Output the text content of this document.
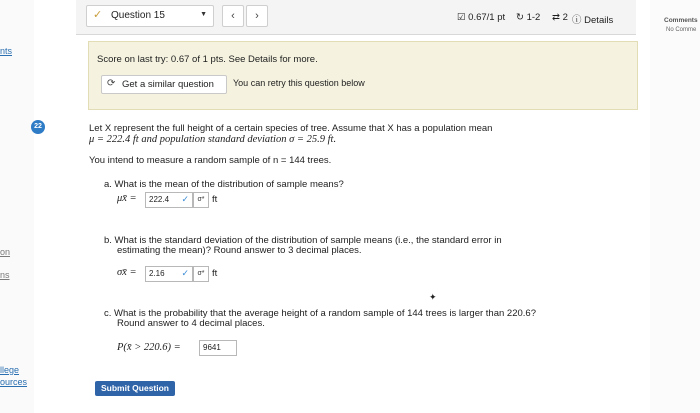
nts
on
ns
llege
ources
Comments
No Comme
✓ Question 15	▼	‹	›	☑ 0.67/1 pt ↻ 1-2 ⇄ 2 ⓘ Details
Score on last try: 0.67 of 1 pts. See Details for more.
⟳ Get a similar question You can retry this question below
22	Let X represent the full height of a certain species of tree. Assume that X has a population mean
μ = 222.4 ft and population standard deviation σ = 25.9 ft.
You intend to measure a random sample of n = 144 trees.
a. What is the mean of the distribution of sample means?
μx̄ = 222.4 ✓	σ* ft
b. What is the standard deviation of the distribution of sample means (i.e., the standard error in
estimating the mean)? Round answer to 3 decimal places.
σx̄ = 2.16 ✓	σ* ft
c. What is the probability that the average height of a random sample of 144 trees is larger than 220.6?
Round answer to 4 decimal places.
P(x̄ > 220.6) =	9641
✦
Submit Question
